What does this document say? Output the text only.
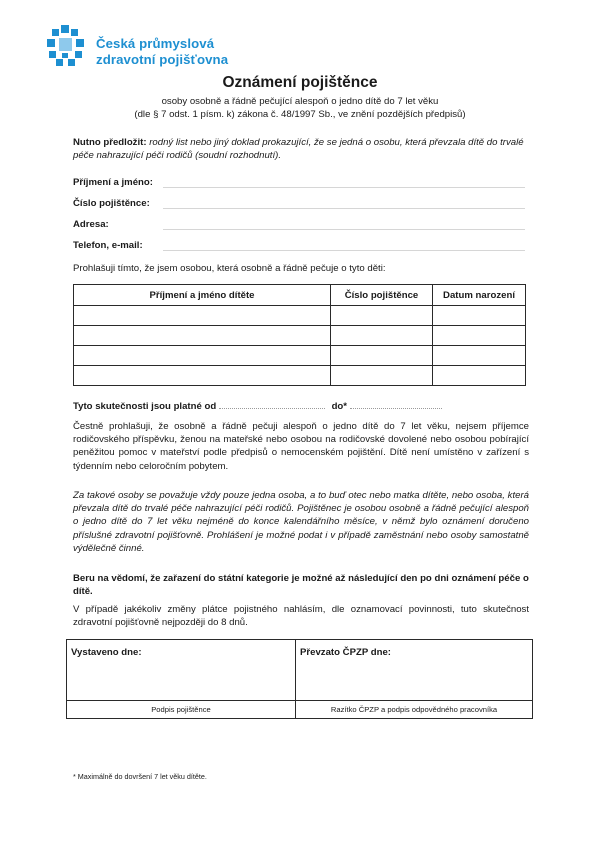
Česká průmyslová
zdravotní pojišťovna
Oznámení pojištěnce
osoby osobně a řádně pečující alespoň o jedno dítě do 7 let věku
(dle § 7 odst. 1 písm. k) zákona č. 48/1997 Sb., ve znění pozdějších předpisů)
Nutno předložit: rodný list nebo jiný doklad prokazující, že se jedná o osobu, která převzala dítě do trvalé péče nahrazující péči rodičů (soudní rozhodnutí).
Příjmení a jméno:
Číslo pojištěnce:
Adresa:
Telefon, e-mail:
Prohlašuji tímto, že jsem osobou, která osobně a řádně pečuje o tyto děti:
Příjmení a jméno dítěte	Číslo pojištěnce	Datum narození

Tyto skutečnosti jsou platné od	do*
Čestně prohlašuji, že osobně a řádně pečuji alespoň o jedno dítě do 7 let věku, nejsem příjemce rodičovského příspěvku, ženou na mateřské nebo osobou na rodičovské dovolené nebo osobou pobírající peněžitou pomoc v mateřství podle předpisů o nemocenském pojištění. Dítě není umístěno v zařízení s týdenním nebo celoročním pobytem.
Za takové osoby se považuje vždy pouze jedna osoba, a to buď otec nebo matka dítěte, nebo osoba, která převzala dítě do trvalé péče nahrazující péči rodičů. Pojištěnec je osobou osobně a řádně pečující alespoň o jedno dítě do 7 let věku nejméně do konce kalendářního měsíce, v němž bylo oznámení doručeno příslušné zdravotní pojišťovně. Prohlášení je možné podat i v případě zaměstnání nebo osoby samostatně výdělečně činné.
Beru na vědomí, že zařazení do státní kategorie je možné až následující den po dni oznámení péče o dítě.
V případě jakékoliv změny plátce pojistného nahlásím, dle oznamovací povinnosti, tuto skutečnost zdravotní pojišťovně nejpozději do 8 dnů.
Vystaveno dne:	Převzato ČPZP dne:
Podpis pojištěnce	Razítko ČPZP a podpis odpovědného pracovníka
* Maximálně do dovršení 7 let věku dítěte.
